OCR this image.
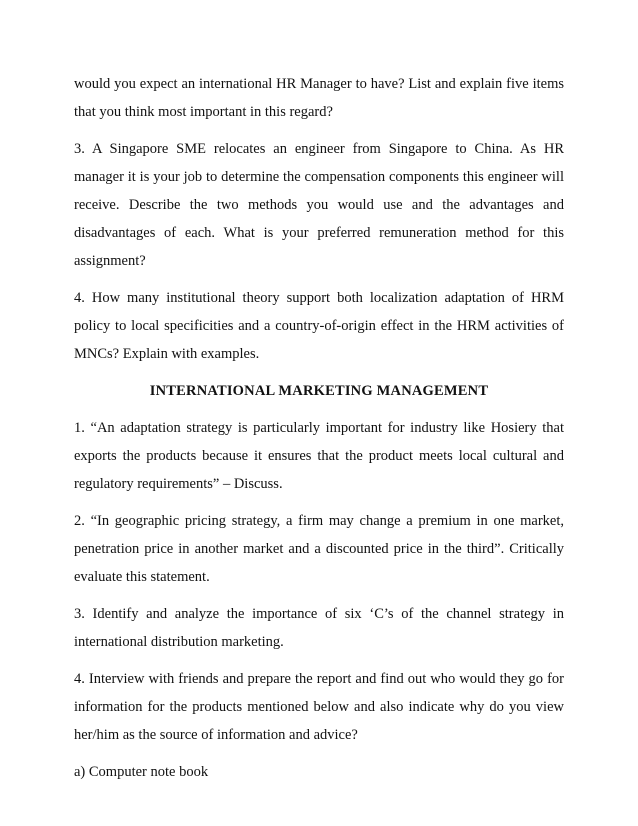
would you expect an international HR Manager to have? List and explain five items that you think most important in this regard?

3. A Singapore SME relocates an engineer from Singapore to China. As HR manager it is your job to determine the compensation components this engineer will receive. Describe the two methods you would use and the advantages and disadvantages of each. What is your preferred remuneration method for this assignment?

4. How many institutional theory support both localization adaptation of HRM policy to local specificities and a country-of-origin effect in the HRM activities of MNCs? Explain with examples.

INTERNATIONAL MARKETING MANAGEMENT

1. “An adaptation strategy is particularly important for industry like Hosiery that exports the products because it ensures that the product meets local cultural and regulatory requirements” – Discuss.

2. “In geographic pricing strategy, a firm may change a premium in one market, penetration price in another market and a discounted price in the third”. Critically evaluate this statement.

3. Identify and analyze the importance of six ‘C’s of the channel strategy in international distribution marketing.

4. Interview with friends and prepare the report and find out who would they go for information for the products mentioned below and also indicate why do you view her/him as the source of information and advice?

a) Computer note book
